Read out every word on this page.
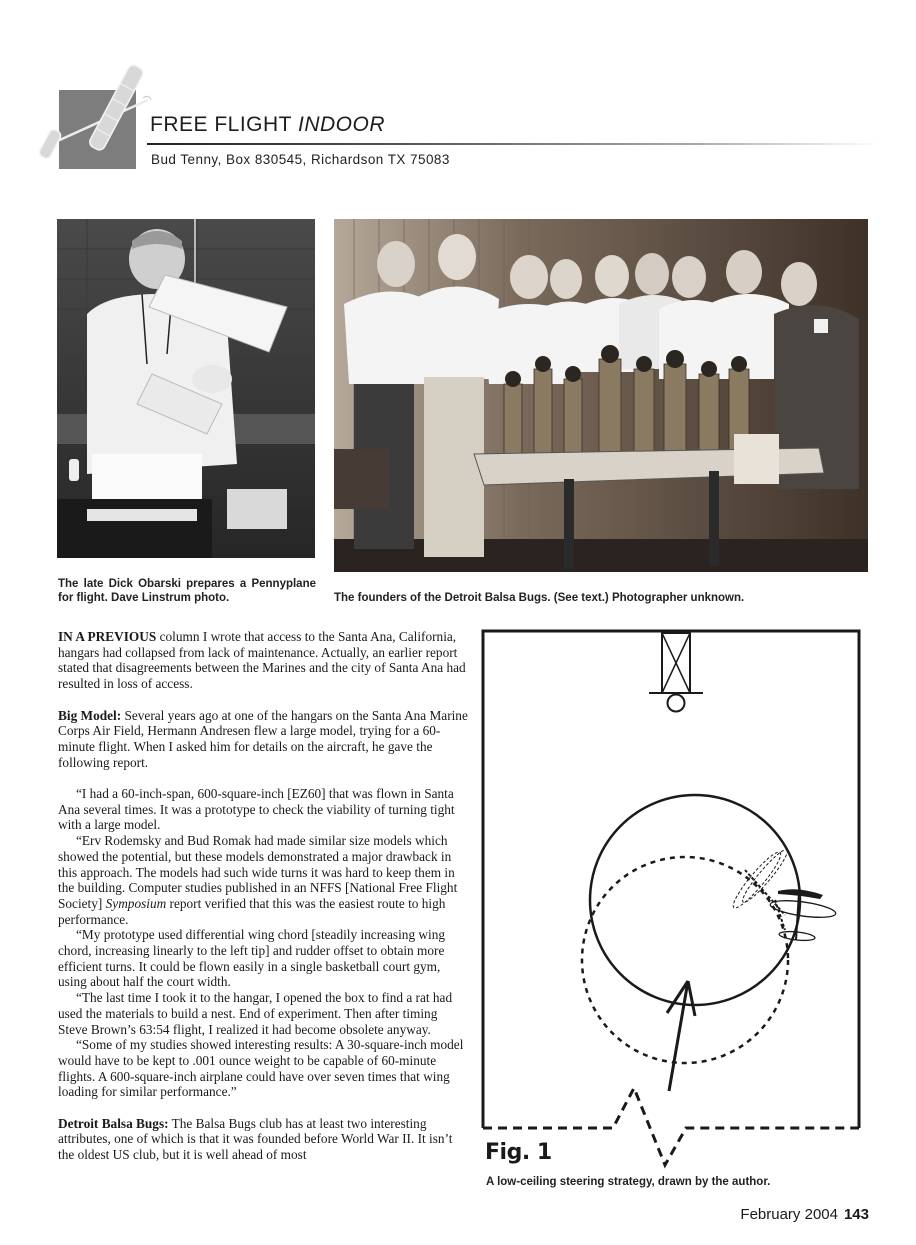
FREE FLIGHT INDOOR
Bud Tenny, Box 830545, Richardson TX 75083
The late Dick Obarski prepares a Pennyplane for flight. Dave Linstrum photo.	The founders of the Detroit Balsa Bugs. (See text.) Photographer unknown.

IN A PREVIOUS column I wrote that access to the Santa Ana, California, hangars had collapsed from lack of maintenance. Actually, an earlier report stated that disagreements between the Marines and the city of Santa Ana had resulted in loss of access.

Big Model: Several years ago at one of the hangars on the Santa Ana Marine Corps Air Field, Hermann Andresen flew a large model, trying for a 60-minute flight. When I asked him for details on the aircraft, he gave the following report.

“I had a 60-inch-span, 600-square-inch [EZ60] that was flown in Santa Ana several times. It was a prototype to check the viability of turning tight with a large model.

“Erv Rodemsky and Bud Romak had made similar size models which showed the potential, but these models demonstrated a major drawback in this approach. The models had such wide turns it was hard to keep them in the building. Computer studies published in an NFFS [National Free Flight Society] Symposium report verified that this was the easiest route to high performance.

“My prototype used differential wing chord [steadily increasing wing chord, increasing linearly to the left tip] and rudder offset to obtain more efficient turns. It could be flown easily in a single basketball court gym, using about half the court width.

“The last time I took it to the hangar, I opened the box to find a rat had used the materials to build a nest. End of experiment. Then after timing Steve Brown’s 63:54 flight, I realized it had become obsolete anyway.

“Some of my studies showed interesting results: A 30-square-inch model would have to be kept to .001 ounce weight to be capable of 60-minute flights. A 600-square-inch airplane could have over seven times that wing loading for similar performance.”

Detroit Balsa Bugs: The Balsa Bugs club has at least two interesting attributes, one of which is that it was founded before World War II. It isn’t the oldest US club, but it is well ahead of most	Fig. 1
A low-ceiling steering strategy, drawn by the author.
February 2004 143
